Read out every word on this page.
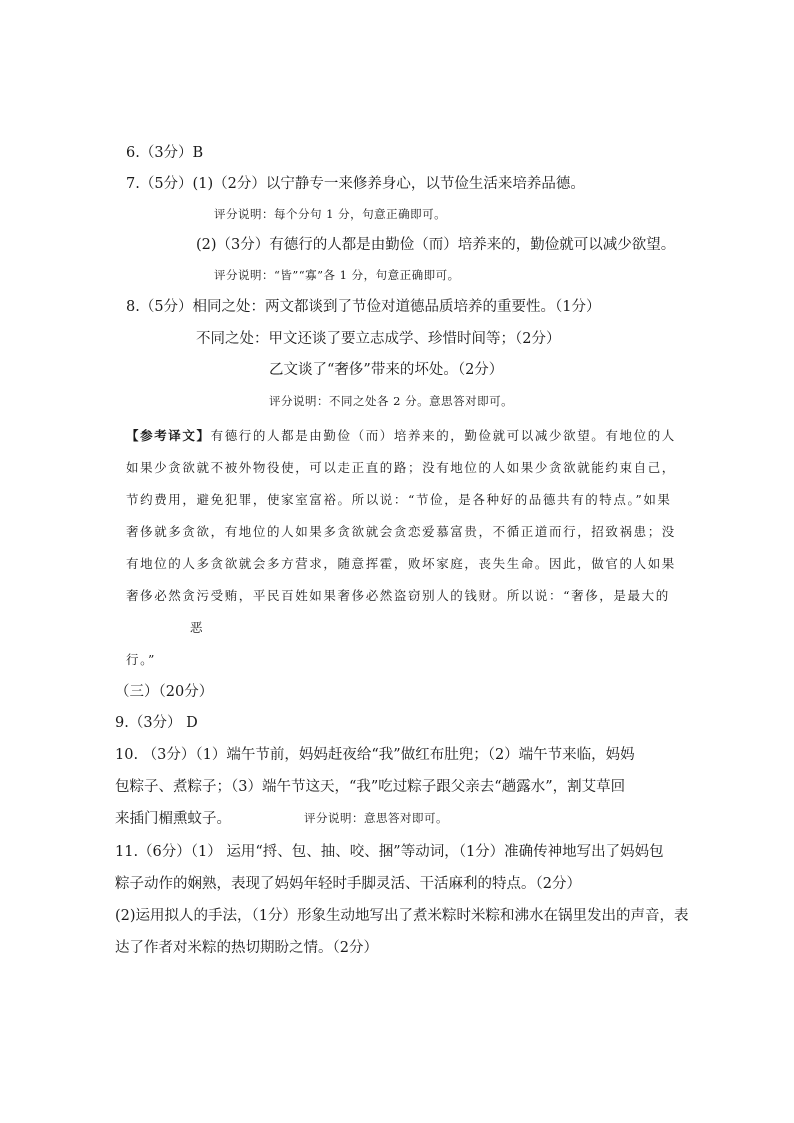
6.（3分）B
7.（5分）(1)（2分）以宁静专一来修养身心，以节俭生活来培养品德。
评分说明：每个分句 1 分，句意正确即可。
(2)（3分）有德行的人都是由勤俭（而）培养来的，勤俭就可以减少欲望。
评分说明：“皆”“寡”各 1 分，句意正确即可。
8.（5分）相同之处：两文都谈到了节俭对道德品质培养的重要性。（1分）
不同之处：甲文还谈了要立志成学、珍惜时间等；（2分）
乙文谈了“奢侈”带来的坏处。（2分）
评分说明：不同之处各 2 分。意思答对即可。
【参考译文】有德行的人都是由勤俭（而）培养来的，勤俭就可以减少欲望。有地位的人
如果少贪欲就不被外物役使，可以走正直的路；没有地位的人如果少贪欲就能约束自己，
节约费用，避免犯罪，使家室富裕。所以说：“节俭，是各种好的品德共有的特点。”如果
奢侈就多贪欲，有地位的人如果多贪欲就会贪恋爱慕富贵，不循正道而行，招致祸患；没
有地位的人多贪欲就会多方营求，随意挥霍，败坏家庭，丧失生命。因此，做官的人如果
奢侈必然贪污受贿，平民百姓如果奢侈必然盗窃别人的钱财。所以说：“奢侈，是最大的
恶
行。”
（三）（20分）
9.（3分） D
10. （3分）（1）端午节前，妈妈赶夜给“我”做红布肚兜；（2）端午节来临，妈妈
包粽子、煮粽子；（3）端午节这天，“我”吃过粽子跟父亲去“趟露水”，割艾草回
来插门楣熏蚊子。	评分说明：意思答对即可。
11.（6分）（1） 运用“捋、包、抽、咬、捆”等动词，（1分）准确传神地写出了妈妈包
粽子动作的娴熟，表现了妈妈年轻时手脚灵活、干活麻利的特点。（2分）
(2)运用拟人的手法，（1分）形象生动地写出了煮米粽时米粽和沸水在锅里发出的声音，表
达了作者对米粽的热切期盼之情。（2分）
